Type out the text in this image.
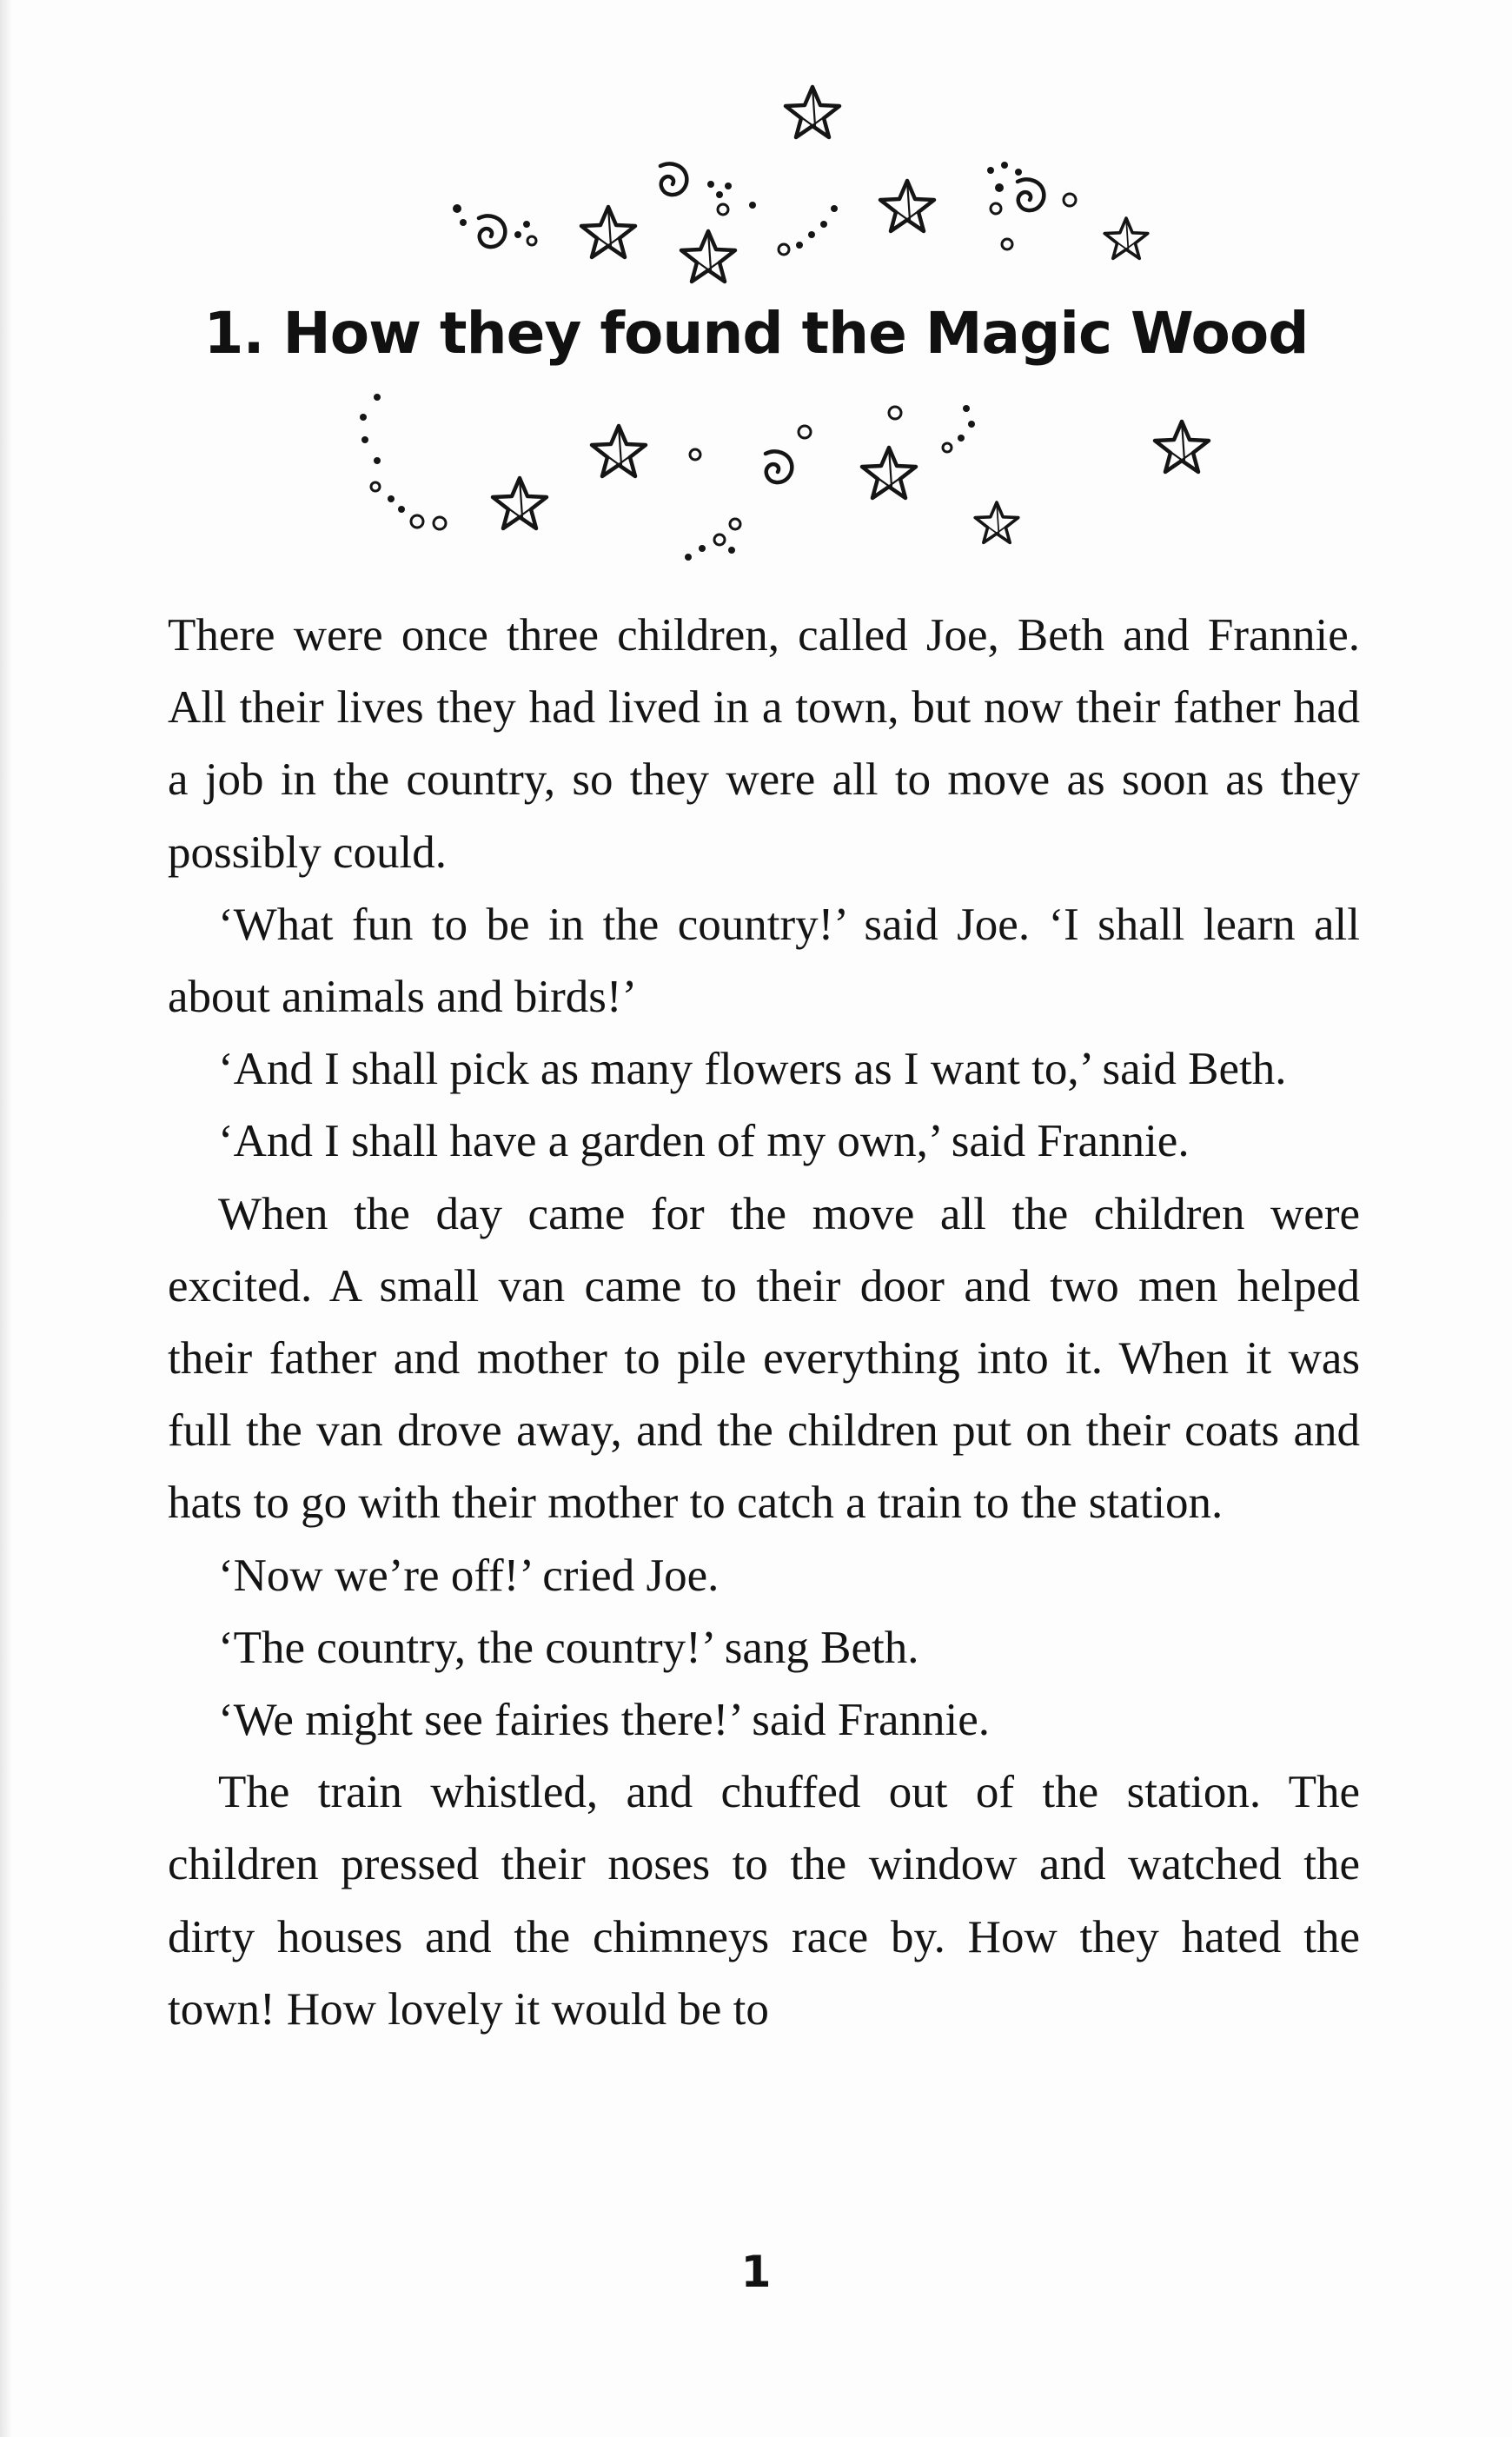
1. How they found the Magic Wood

There were once three children, called Joe, Beth and Frannie. All their lives they had lived in a town, but now their father had a job in the country, so they were all to move as soon as they possibly could.

‘What fun to be in the country!’ said Joe. ‘I shall learn all about animals and birds!’

‘And I shall pick as many flowers as I want to,’ said Beth.

‘And I shall have a garden of my own,’ said Frannie.

When the day came for the move all the children were excited. A small van came to their door and two men helped their father and mother to pile everything into it. When it was full the van drove away, and the children put on their coats and hats to go with their mother to catch a train to the station.

‘Now we’re off!’ cried Joe.

‘The country, the country!’ sang Beth.

‘We might see fairies there!’ said Frannie.

The train whistled, and chuffed out of the station. The children pressed their noses to the window and watched the dirty houses and the chimneys race by. How they hated the town! How lovely it would be to

1
